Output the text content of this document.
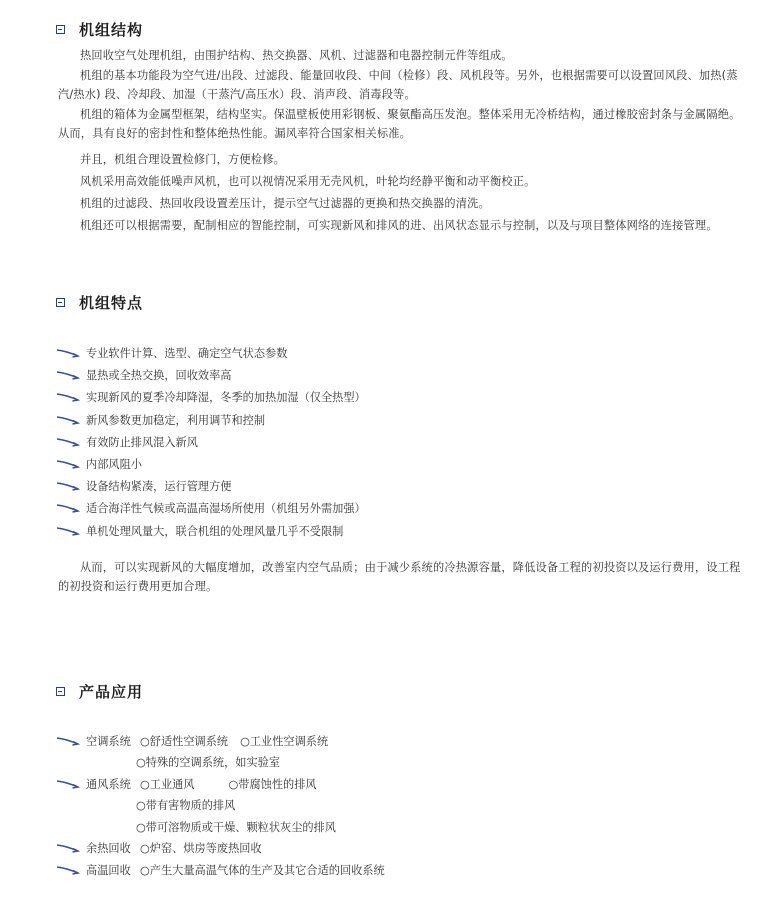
机组结构

热回收空气处理机组，由围护结构、热交换器、风机、过滤器和电器控制元件等组成。

机组的基本功能段为空气进/出段、过滤段、能量回收段、中间（检修）段、风机段等。另外，也根据需要可以设置回风段、加热(蒸汽/热水) 段、冷却段、加湿（干蒸汽/高压水）段、消声段、消毒段等。

机组的箱体为金属型框架，结构坚实。保温壁板使用彩钢板、聚氨酯高压发泡。整体采用无冷桥结构，通过橡胶密封条与金属隔绝。从而，具有良好的密封性和整体绝热性能。漏风率符合国家相关标准。

并且，机组合理设置检修门，方便检修。

风机采用高效能低噪声风机，也可以视情况采用无壳风机，叶轮均经静平衡和动平衡校正。

机组的过滤段、热回收段设置差压计，提示空气过滤器的更换和热交换器的清洗。

机组还可以根据需要，配制相应的智能控制，可实现新风和排风的进、出风状态显示与控制，以及与项目整体网络的连接管理。

机组特点
专业软件计算、选型、确定空气状态参数
显热或全热交换，回收效率高
实现新风的夏季冷却降湿，冬季的加热加湿（仅全热型）
新风参数更加稳定，利用调节和控制
有效防止排风混入新风
内部风阻小
设备结构紧凑，运行管理方便
适合海洋性气候或高温高湿场所使用（机组另外需加强）
单机处理风量大，联合机组的处理风量几乎不受限制

从而，可以实现新风的大幅度增加，改善室内空气品质；由于减少系统的冷热源容量，降低设备工程的初投资以及运行费用，设工程的初投资和运行费用更加合理。

产品应用
空调系统 ○舒适性空调系统 ○工业性空调系统
○特殊的空调系统，如实验室
通风系统 ○工业通风	○带腐蚀性的排风
○带有害物质的排风
○带可溶物质或干燥、颗粒状灰尘的排风
余热回收 ○炉窑、烘房等废热回收
高温回收 ○产生大量高温气体的生产及其它合适的回收系统
